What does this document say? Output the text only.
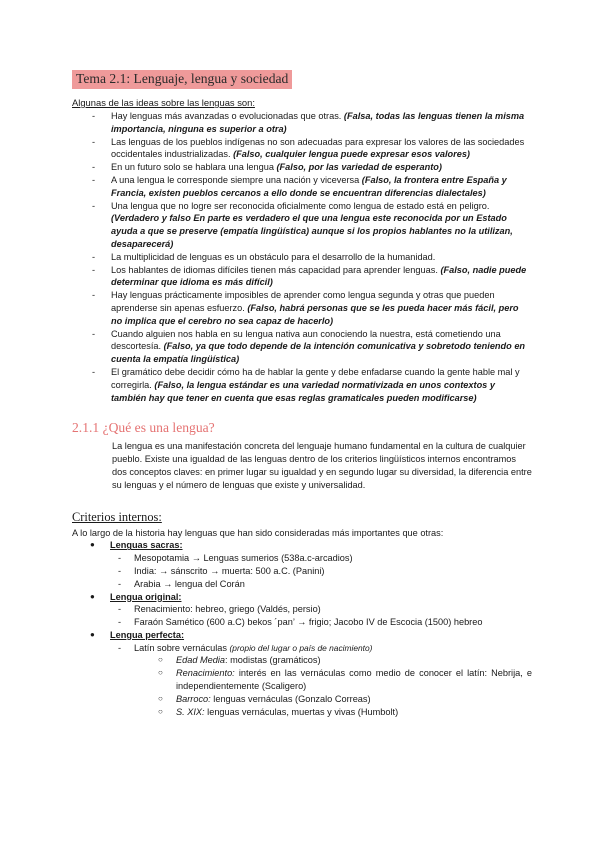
Tema 2.1: Lenguaje, lengua y sociedad
Algunas de las ideas sobre las lenguas son:
- Hay lenguas más avanzadas o evolucionadas que otras. (Falsa, todas las lenguas tienen la misma importancia, ninguna es superior a otra)
- Las lenguas de los pueblos indígenas no son adecuadas para expresar los valores de las sociedades occidentales industrializadas. (Falso, cualquier lengua puede expresar esos valores)
- En un futuro solo se hablara una lengua (Falso, por las variedad de esperanto)
- A una lengua le corresponde siempre una nación y viceversa (Falso, la frontera entre España y Francia, existen pueblos cercanos a ello donde se encuentran diferencias dialectales)
- Una lengua que no logre ser reconocida oficialmente como lengua de estado está en peligro. (Verdadero y falso En parte es verdadero el que una lengua este reconocida por un Estado ayuda a que se preserve (empatía lingüística) aunque si los propios hablantes no la utilizan, desaparecerá)
- La multiplicidad de lenguas es un obstáculo para el desarrollo de la humanidad.
- Los hablantes de idiomas difíciles tienen más capacidad para aprender lenguas. (Falso, nadie puede determinar que idioma es más difícil)
- Hay lenguas prácticamente imposibles de aprender como lengua segunda y otras que pueden aprenderse sin apenas esfuerzo. (Falso, habrá personas que se les pueda hacer más fácil, pero no implica que el cerebro no sea capaz de hacerlo)
- Cuando alguien nos habla en su lengua nativa aun conociendo la nuestra, está cometiendo una descortesía. (Falso, ya que todo depende de la intención comunicativa y sobretodo teniendo en cuenta la empatía lingüística)
- El gramático debe decidir cómo ha de hablar la gente y debe enfadarse cuando la gente hable mal y corregirla. (Falso, la lengua estándar es una variedad normativizada en unos contextos y también hay que tener en cuenta que esas reglas gramaticales pueden modificarse)
2.1.1 ¿Qué es una lengua?

La lengua es una manifestación concreta del lenguaje humano fundamental en la cultura de cualquier pueblo. Existe una igualdad de las lenguas dentro de los criterios lingüísticos internos encontramos dos conceptos claves: en primer lugar su igualdad y en segundo lugar su diversidad, la diferencia entre su lenguas y el número de lenguas que existe y universalidad.

Criterios internos:

A lo largo de la historia hay lenguas que han sido consideradas más importantes que otras:

● Lenguas sacras:
- Mesopotamia → Lenguas sumerios (538a.c-arcadios)
- India: → sánscrito → muerta: 500 a.C. (Panini)
- Arabia → lengua del Corán
● Lengua original:
- Renacimiento: hebreo, griego (Valdés, persio)
- Faraón Samético (600 a.C) bekos ´pan’ → frigio; Jacobo IV de Escocia (1500) hebreo
● Lengua perfecta:
- Latín sobre vernáculas (propio del lugar o país de nacimiento)
○ Edad Media: modistas (gramáticos)
○ Renacimiento: interés en las vernáculas como medio de conocer el latín: Nebrija, e independientemente (Scaligero)
○ Barroco: lenguas vernáculas (Gonzalo Correas)
○ S. XIX: lenguas vernáculas, muertas y vivas (Humbolt)
